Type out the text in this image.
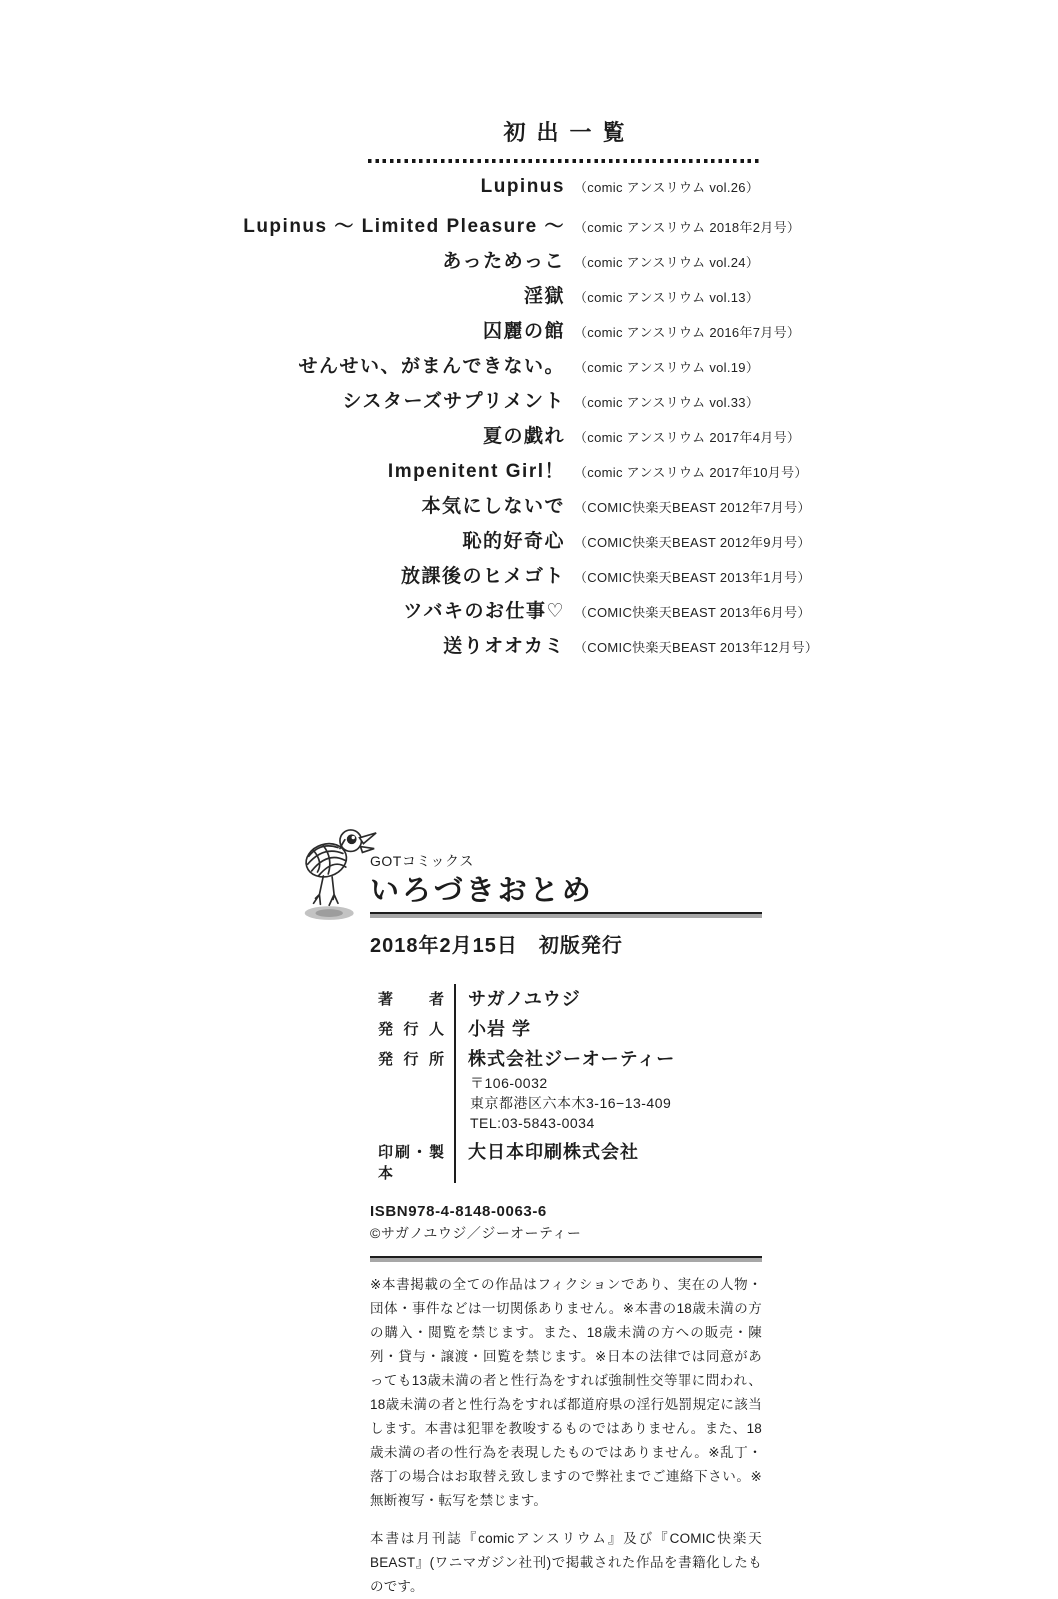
初出一覧
Lupinus （comic アンスリウム vol.26）
Lupinus ～ Limited Pleasure ～ （comic アンスリウム 2018年2月号）
あっためっこ （comic アンスリウム vol.24）
淫獄 （comic アンスリウム vol.13）
囚麗の館 （comic アンスリウム 2016年7月号）
せんせい、がまんできない。 （comic アンスリウム vol.19）
シスターズサプリメント （comic アンスリウム vol.33）
夏の戯れ （comic アンスリウム 2017年4月号）
Impenitent Girl！ （comic アンスリウム 2017年10月号）
本気にしないで （COMIC快楽天BEAST 2012年7月号）
恥的好奇心 （COMIC快楽天BEAST 2012年9月号）
放課後のヒメゴト （COMIC快楽天BEAST 2013年1月号）
ツバキのお仕事♡ （COMIC快楽天BEAST 2013年6月号）
送りオオカミ （COMIC快楽天BEAST 2013年12月号）
GOTコミックス
いろづきおとめ
2018年2月15日　初版発行
著者	サガノユウジ
発行人	小岩 学
発行所 株式会社ジーオーティー
〒106-0032
東京都港区六本木3-16−13-409
TEL:03-5843-0034
印刷・製本
大日本印刷株式会社
ISBN978-4-8148-0063-6
©サガノユウジ／ジーオーティー

※本書掲載の全ての作品はフィクションであり、実在の人物・団体・事件などは一切関係ありません。※本書の18歳未満の方の購入・閲覧を禁じます。また、18歳未満の方への販売・陳列・貸与・譲渡・回覧を禁じます。※日本の法律では同意があっても13歳未満の者と性行為をすれば強制性交等罪に問われ、18歳未満の者と性行為をすれば都道府県の淫行処罰規定に該当します。本書は犯罪を教唆するものではありません。また、18歳未満の者の性行為を表現したものではありません。※乱丁・落丁の場合はお取替え致しますので弊社までご連絡下さい。※無断複写・転写を禁じます。

本書は月刊誌『comicアンスリウム』及び『COMIC快楽天BEAST』(ワニマガジン社刊)で掲載された作品を書籍化したものです。
